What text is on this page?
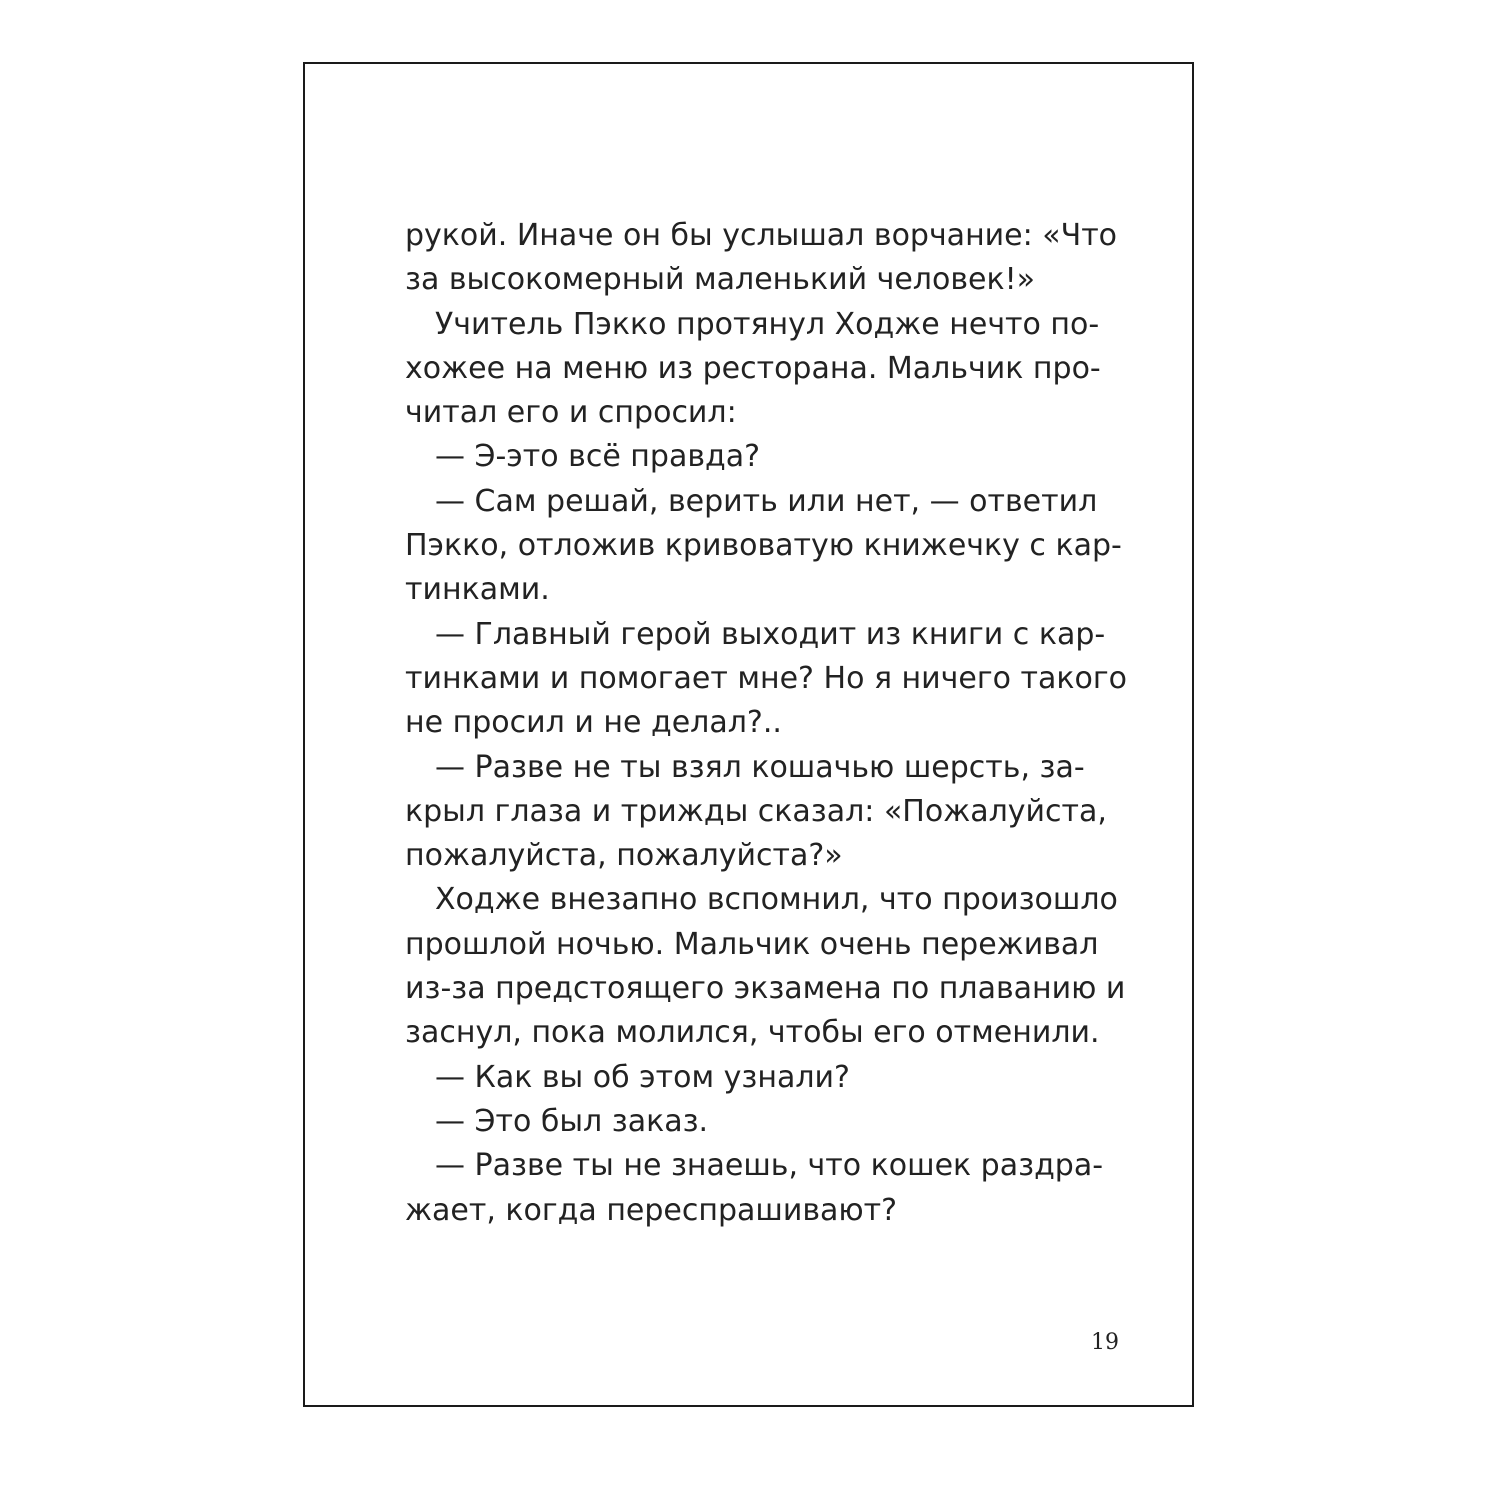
рукой. Иначе он бы услышал ворчание: «Что
за высокомерный маленький человек!»
Учитель Пэкко протянул Ходже нечто по-
хожее на меню из ресторана. Мальчик про-
читал его и спросил:
— Э-это всё правда?
— Сам решай, верить или нет, — ответил
Пэкко, отложив кривоватую книжечку с кар-
тинками.
— Главный герой выходит из книги с кар-
тинками и помогает мне? Но я ничего такого
не просил и не делал?..
— Разве не ты взял кошачью шерсть, за-
крыл глаза и трижды сказал: «Пожалуйста,
пожалуйста, пожалуйста?»
Ходже внезапно вспомнил, что произошло
прошлой ночью. Мальчик очень переживал
из-за предстоящего экзамена по плаванию и
заснул, пока молился, чтобы его отменили.
— Как вы об этом узнали?
— Это был заказ.
— Разве ты не знаешь, что кошек раздра-
жает, когда переспрашивают?
19
